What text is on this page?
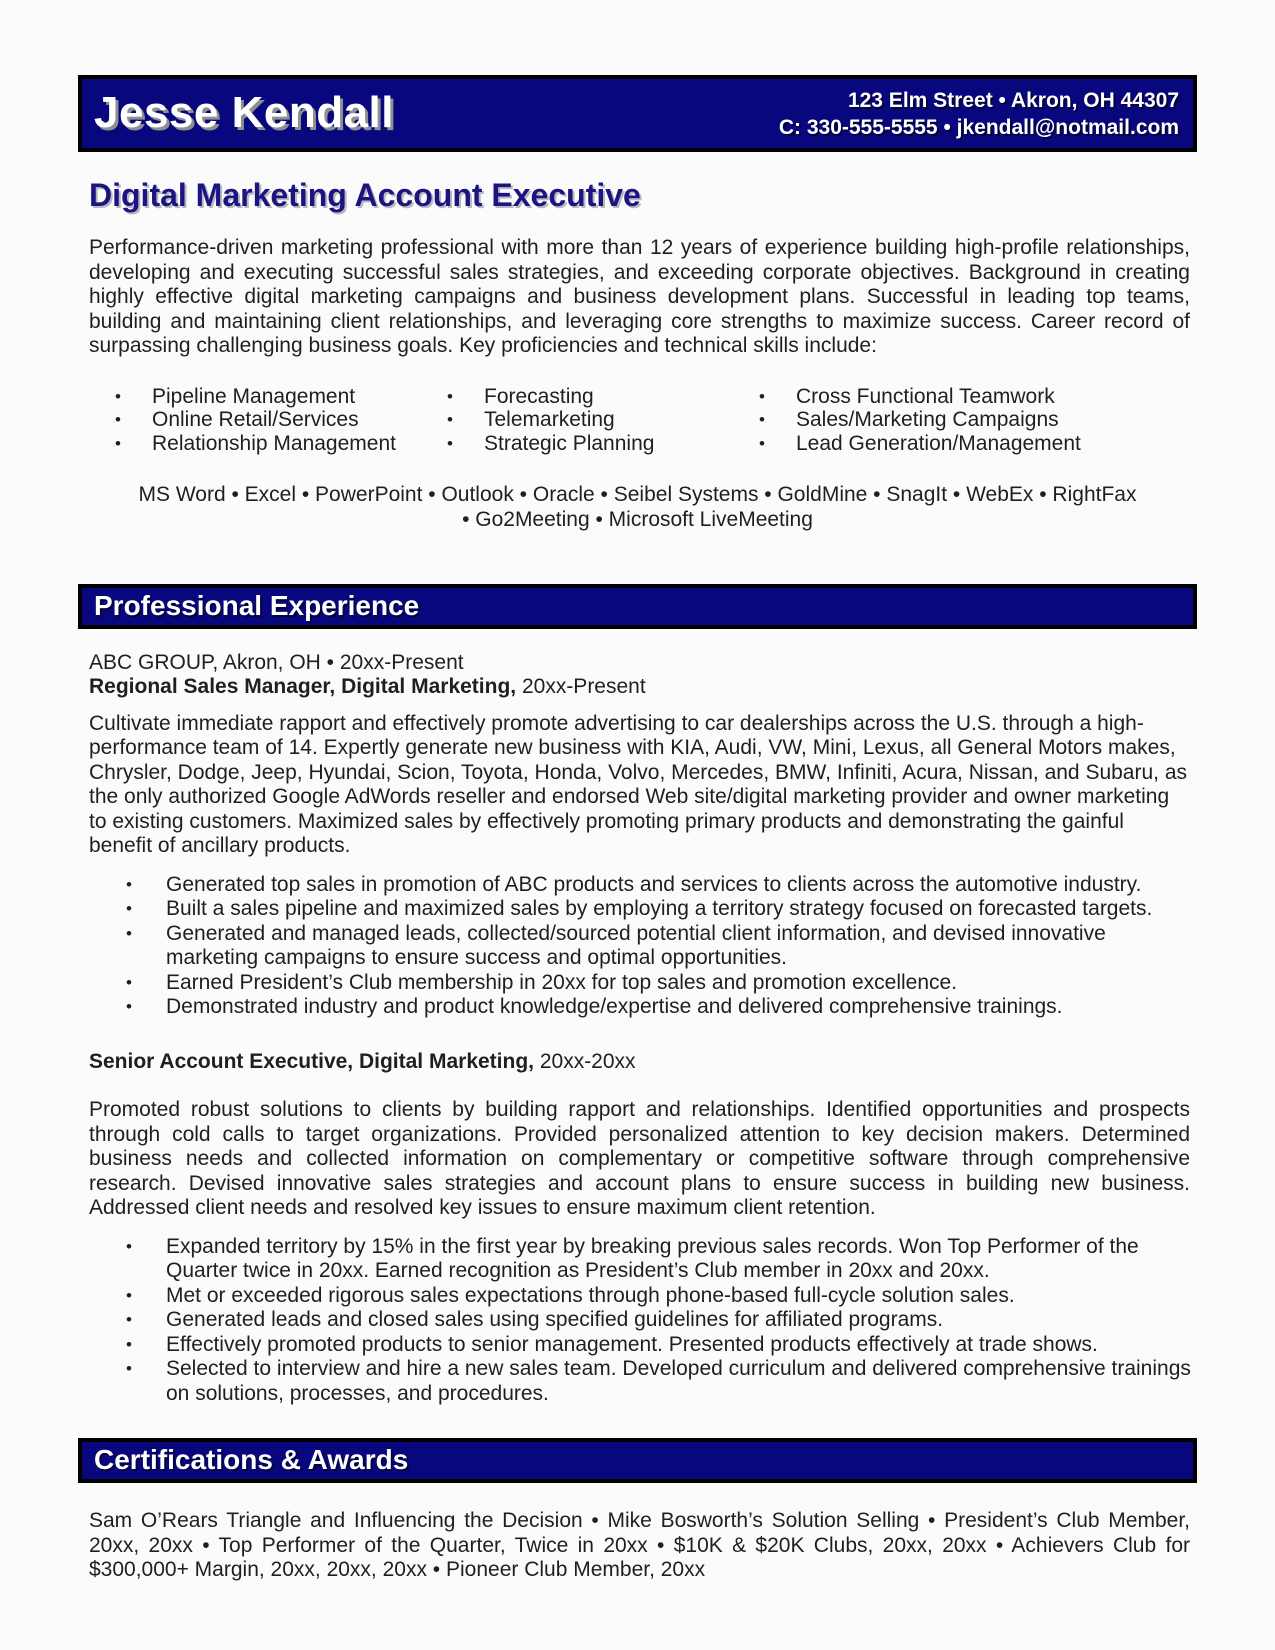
Jesse Kendall	123 Elm Street • Akron, OH 44307
C: 330-555-5555 • jkendall@notmail.com
Digital Marketing Account Executive

Performance-driven marketing professional with more than 12 years of experience building high-profile relationships, developing and executing successful sales strategies, and exceeding corporate objectives. Background in creating highly effective digital marketing campaigns and business development plans. Successful in leading top teams, building and maintaining client relationships, and leveraging core strengths to maximize success. Career record of surpassing challenging business goals. Key proficiencies and technical skills include:

•	Pipeline Management
•	Online Retail/Services
•	Relationship Management
•	Forecasting
•	Telemarketing
•	Strategic Planning
•	Cross Functional Teamwork
•	Sales/Marketing Campaigns
•	Lead Generation/Management

MS Word • Excel • PowerPoint • Outlook • Oracle • Seibel Systems • GoldMine • SnagIt • WebEx • RightFax • Go2Meeting • Microsoft LiveMeeting

Professional Experience

ABC GROUP, Akron, OH • 20xx-Present

Regional Sales Manager, Digital Marketing, 20xx-Present

Cultivate immediate rapport and effectively promote advertising to car dealerships across the U.S. through a high-performance team of 14. Expertly generate new business with KIA, Audi, VW, Mini, Lexus, all General Motors makes, Chrysler, Dodge, Jeep, Hyundai, Scion, Toyota, Honda, Volvo, Mercedes, BMW, Infiniti, Acura, Nissan, and Subaru, as the only authorized Google AdWords reseller and endorsed Web site/digital marketing provider and owner marketing to existing customers. Maximized sales by effectively promoting primary products and demonstrating the gainful benefit of ancillary products.

•	Generated top sales in promotion of ABC products and services to clients across the automotive industry.
•	Built a sales pipeline and maximized sales by employing a territory strategy focused on forecasted targets.
•	Generated and managed leads, collected/sourced potential client information, and devised innovative marketing campaigns to ensure success and optimal opportunities.
•	Earned President’s Club membership in 20xx for top sales and promotion excellence.
•	Demonstrated industry and product knowledge/expertise and delivered comprehensive trainings.

Senior Account Executive, Digital Marketing, 20xx-20xx

Promoted robust solutions to clients by building rapport and relationships. Identified opportunities and prospects through cold calls to target organizations. Provided personalized attention to key decision makers. Determined business needs and collected information on complementary or competitive software through comprehensive research. Devised innovative sales strategies and account plans to ensure success in building new business. Addressed client needs and resolved key issues to ensure maximum client retention.

•	Expanded territory by 15% in the first year by breaking previous sales records. Won Top Performer of the Quarter twice in 20xx. Earned recognition as President’s Club member in 20xx and 20xx.
•	Met or exceeded rigorous sales expectations through phone-based full-cycle solution sales.
•	Generated leads and closed sales using specified guidelines for affiliated programs.
•	Effectively promoted products to senior management. Presented products effectively at trade shows.
•	Selected to interview and hire a new sales team. Developed curriculum and delivered comprehensive trainings on solutions, processes, and procedures.
Certifications & Awards

Sam O’Rears Triangle and Influencing the Decision • Mike Bosworth’s Solution Selling • President’s Club Member, 20xx, 20xx • Top Performer of the Quarter, Twice in 20xx • $10K & $20K Clubs, 20xx, 20xx • Achievers Club for $300,000+ Margin, 20xx, 20xx, 20xx • Pioneer Club Member, 20xx
